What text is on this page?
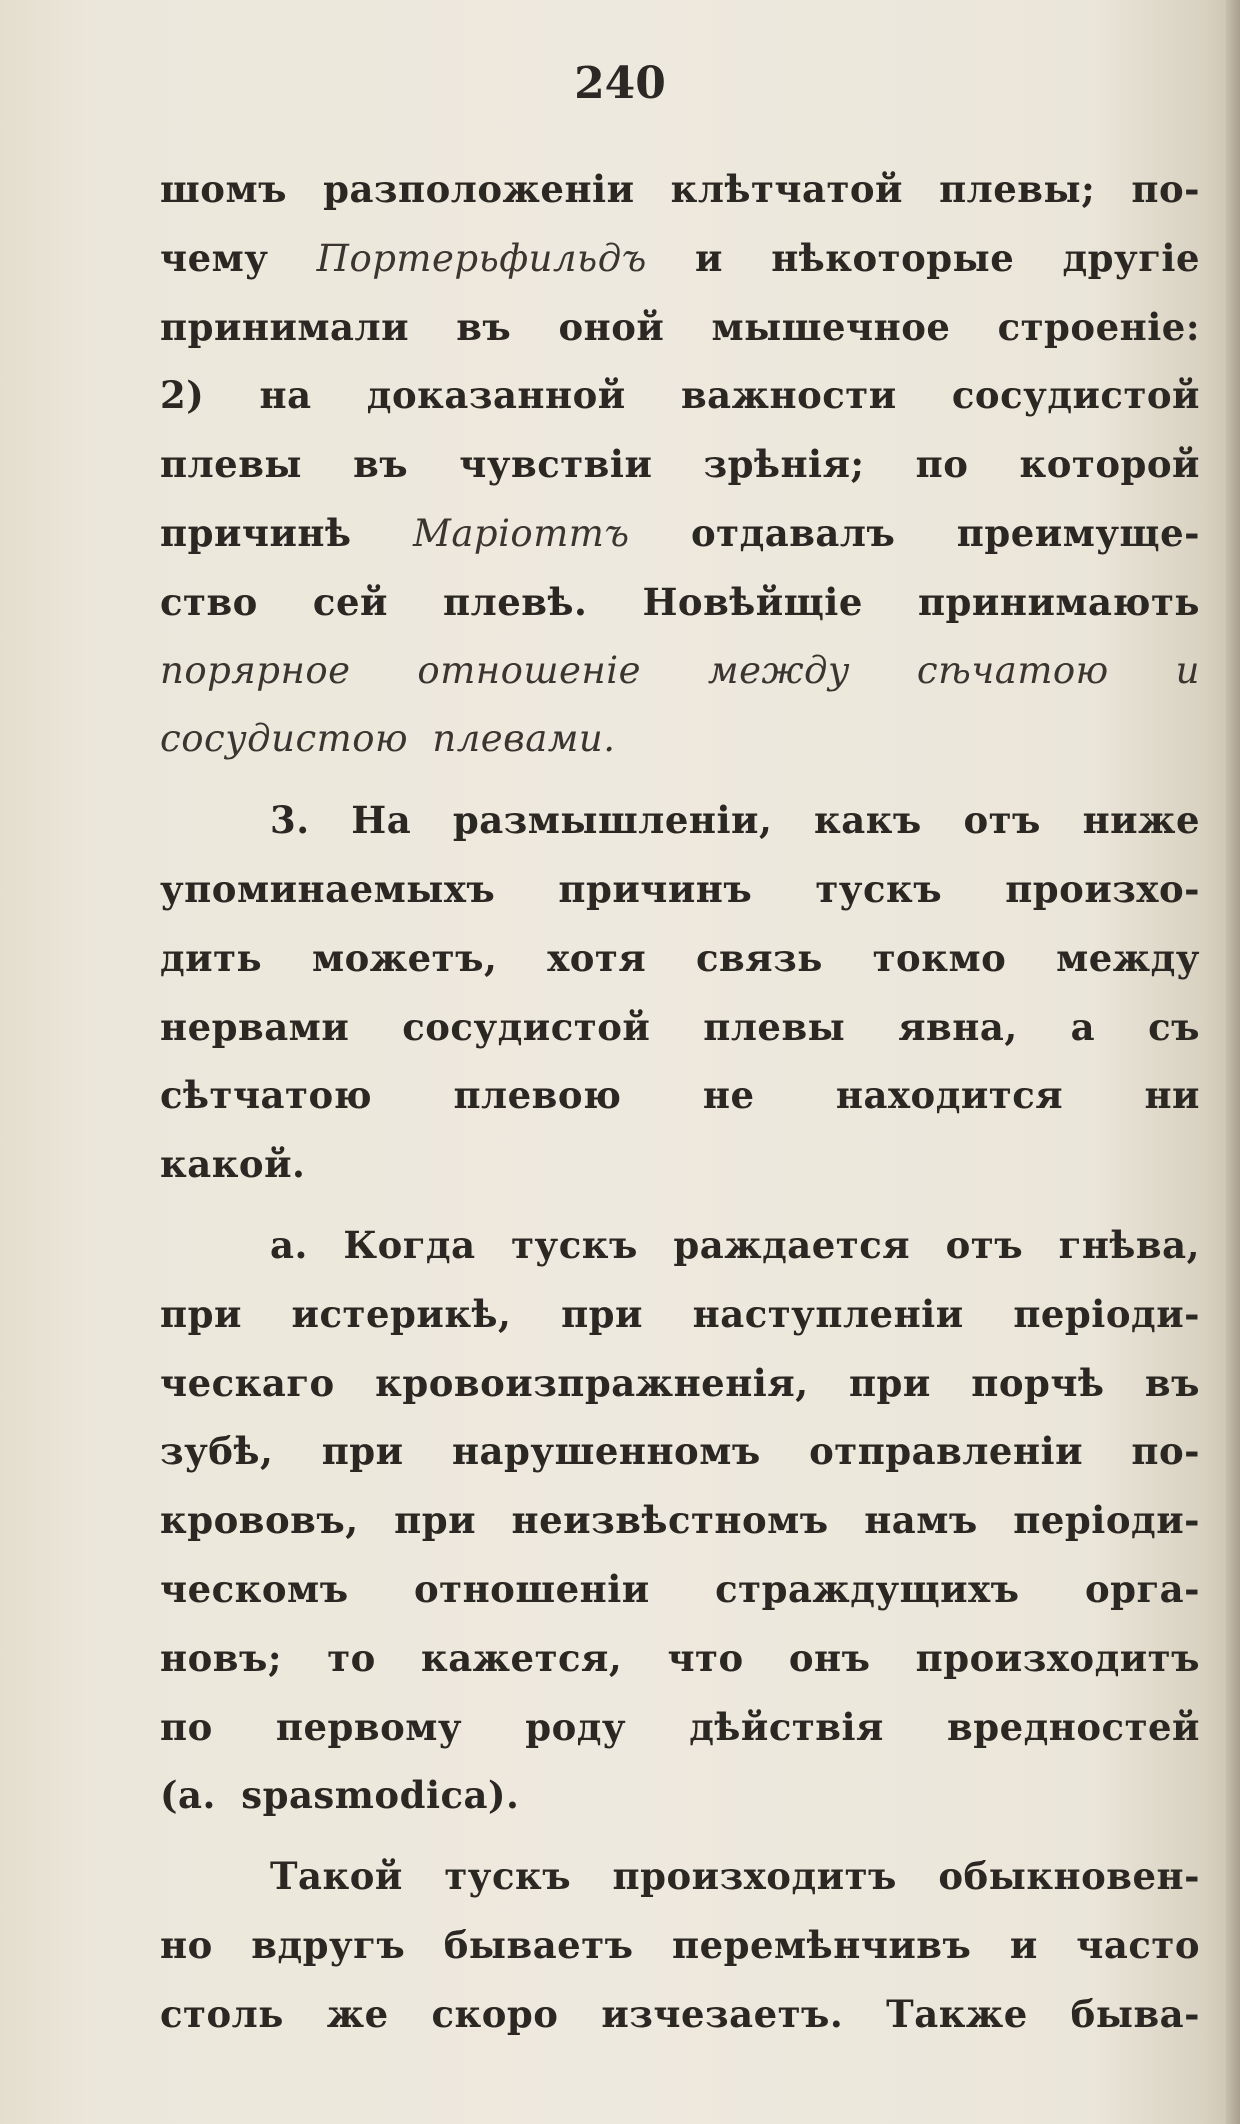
240
шомъ разположеніи клѣтчатой плевы; по-
чему Портерьфильдъ и нѣкоторые другіе
принимали въ оной мышечное строеніе:
2) на доказанной важности сосудистой
плевы въ чувствіи зрѣнія; по которой
причинѣ Маріоттъ отдавалъ преимуще-
ство сей плевѣ. Новѣйщіе принимають
порярное отношеніе между сѣчатою и
сосудистою плевами.
3. На размышленіи, какъ отъ ниже
упоминаемыхъ причинъ тускъ произхо-
дить можетъ, хотя связь токмо между
нервами сосудистой плевы явна, а съ
сѣтчатою плевою не находится ни
какой.
а. Когда тускъ раждается отъ гнѣва,
при истерикѣ, при наступленіи періоди-
ческаго кровоизпражненія, при порчѣ въ
зубѣ, при нарушенномъ отправленіи по-
крововъ, при неизвѣстномъ намъ періоди-
ческомъ отношеніи страждущихъ орга-
новъ; то кажется, что онъ произходитъ
по первому роду дѣйствія вредностей
(a. spasmodica).
Такой тускъ произходитъ обыкновен-
но вдругъ бываетъ перемѣнчивъ и часто
столь же скоро изчезаетъ. Также быва-
